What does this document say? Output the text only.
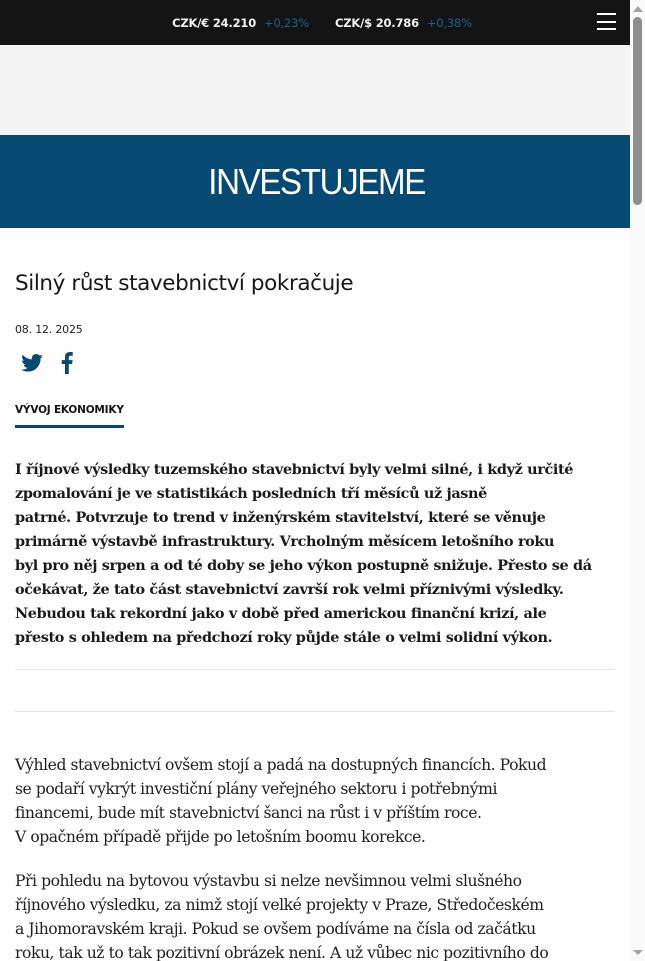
CZK/€ 24.210 +0,23% CZK/$ 20.786 +0,38%
INVESTUJEME
Silný růst stavebnictví pokračuje
08. 12. 2025
VÝVOJ EKONOMIKY
I říjnové výsledky tuzemského stavebnictví byly velmi silné, i když určité
zpomalování je ve statistikách posledních tří měsíců už jasně
patrné. Potvrzuje to trend v inženýrském stavitelství, které se věnuje
primárně výstavbě infrastruktury. Vrcholným měsícem letošního roku
byl pro něj srpen a od té doby se jeho výkon postupně snižuje. Přesto se dá
očekávat, že tato část stavebnictví završí rok velmi příznivými výsledky.
Nebudou tak rekordní jako v době před americkou finanční krizí, ale
přesto s ohledem na předchozí roky půjde stále o velmi solidní výkon.
Výhled stavebnictví ovšem stojí a padá na dostupných financích. Pokud
se podaří vykrýt investiční plány veřejného sektoru i potřebnými
financemi, bude mít stavebnictví šanci na růst i v příštím roce.
V opačném případě přijde po letošním boomu korekce.
Při pohledu na bytovou výstavbu si nelze nevšimnou velmi slušného
říjnového výsledku, za nimž stojí velké projekty v Praze, Středočeském
a Jihomoravském kraji. Pokud se ovšem podíváme na čísla od začátku
roku, tak už to tak pozitivní obrázek není. A už vůbec nic pozitivního do
